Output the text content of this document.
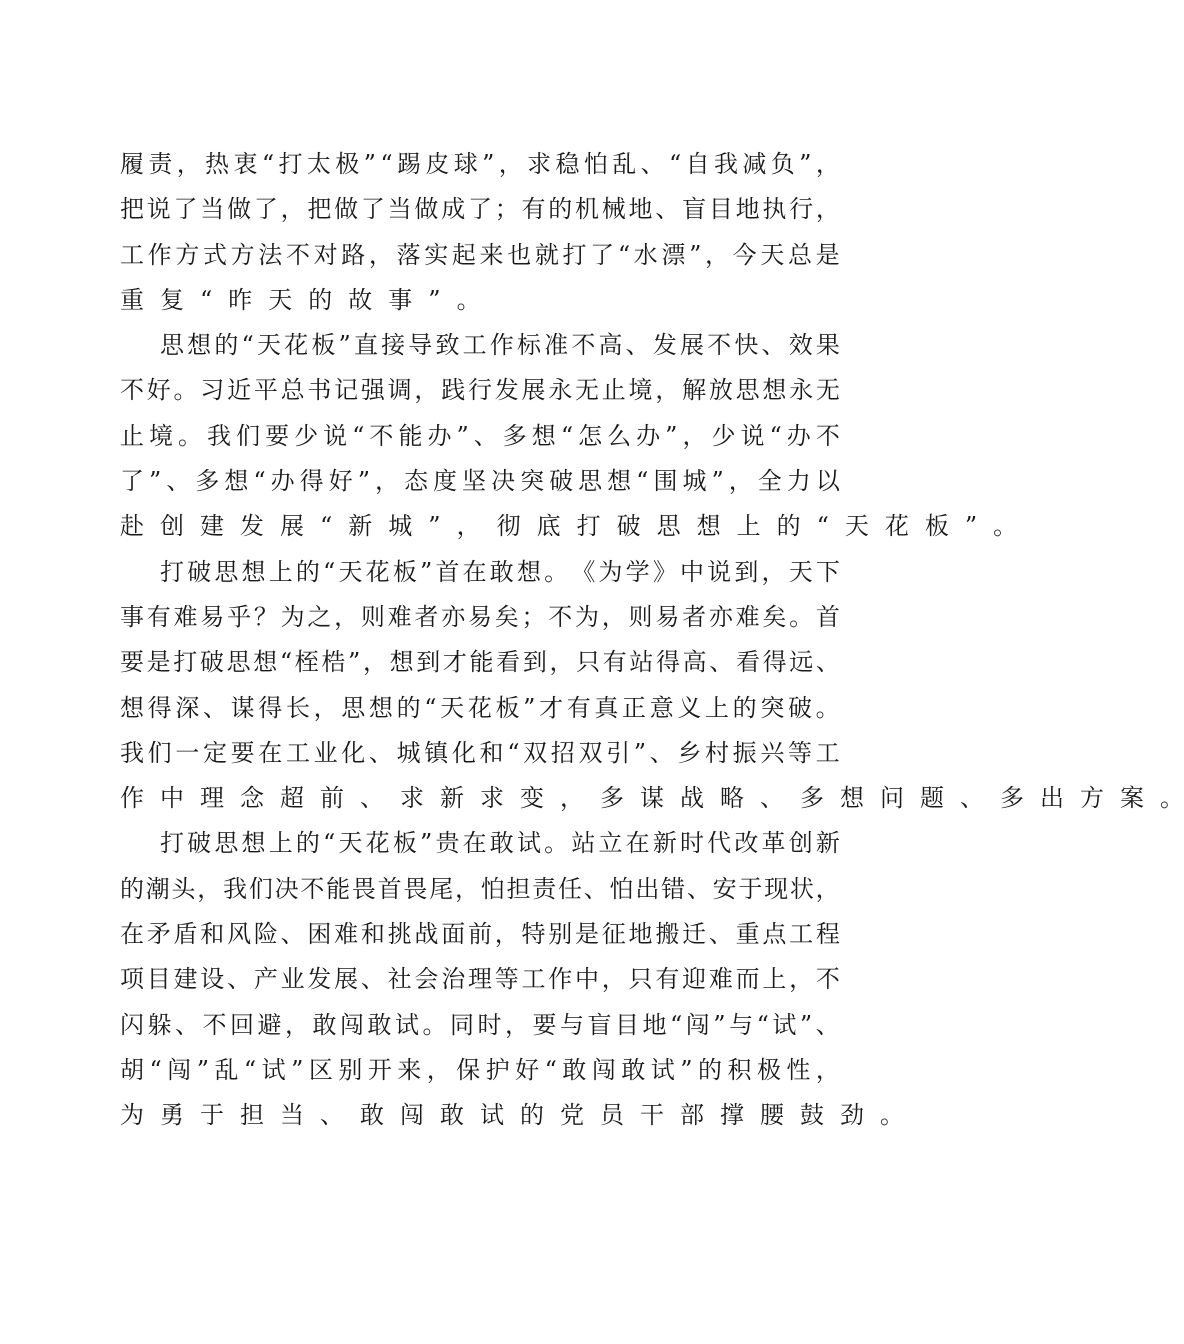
履 责 ， 热 衷 “ 打 太 极 ” “ 踢 皮 球 ” ， 求 稳 怕 乱 、 “ 自 我 减 负 ” ，
把 说 了 当 做 了 ， 把 做 了 当 做 成 了 ； 有 的 机 械 地 、 盲 目 地 执 行 ，
工 作 方 式 方 法 不 对 路 ， 落 实 起 来 也 就 打 了 “ 水 漂 ” ， 今 天 总 是
重 复 “ 昨 天 的 故 事 ” 。
思 想 的 “ 天 花 板 ” 直 接 导 致 工 作 标 准 不 高 、 发 展 不 快 、 效 果
不 好 。 习 近 平 总 书 记 强 调 ， 践 行 发 展 永 无 止 境 ， 解 放 思 想 永 无
止 境 。 我 们 要 少 说 “ 不 能 办 ” 、 多 想 “ 怎 么 办 ” ， 少 说 “ 办 不
了 ” 、 多 想 “ 办 得 好 ” ， 态 度 坚 决 突 破 思 想 “ 围 城 ” ， 全 力 以
赴 创 建 发 展 “ 新 城 ” ， 彻 底 打 破 思 想 上 的 “ 天 花 板 ” 。
打 破 思 想 上 的 “ 天 花 板 ” 首 在 敢 想 。 《 为 学 》 中 说 到 ， 天 下
事 有 难 易 乎 ？ 为 之 ， 则 难 者 亦 易 矣 ； 不 为 ， 则 易 者 亦 难 矣 。 首
要 是 打 破 思 想 “ 桎 梏 ” ， 想 到 才 能 看 到 ， 只 有 站 得 高 、 看 得 远 、
想 得 深 、 谋 得 长 ， 思 想 的 “ 天 花 板 ” 才 有 真 正 意 义 上 的 突 破 。
我 们 一 定 要 在 工 业 化 、 城 镇 化 和 “ 双 招 双 引 ” 、 乡 村 振 兴 等 工
作 中 理 念 超 前 、 求 新 求 变 ， 多 谋 战 略 、 多 想 问 题 、 多 出 方 案 。
打 破 思 想 上 的 “ 天 花 板 ” 贵 在 敢 试 。 站 立 在 新 时 代 改 革 创 新
的 潮 头 ， 我 们 决 不 能 畏 首 畏 尾 ， 怕 担 责 任 、 怕 出 错 、 安 于 现 状 ，
在 矛 盾 和 风 险 、 困 难 和 挑 战 面 前 ， 特 别 是 征 地 搬 迁 、 重 点 工 程
项 目 建 设 、 产 业 发 展 、 社 会 治 理 等 工 作 中 ， 只 有 迎 难 而 上 ， 不
闪 躲 、 不 回 避 ， 敢 闯 敢 试 。 同 时 ， 要 与 盲 目 地 “ 闯 ” 与 “ 试 ” 、
胡 “ 闯 ” 乱 “ 试 ” 区 别 开 来 ， 保 护 好 “ 敢 闯 敢 试 ” 的 积 极 性 ，
为 勇 于 担 当 、 敢 闯 敢 试 的 党 员 干 部 撑 腰 鼓 劲 。
